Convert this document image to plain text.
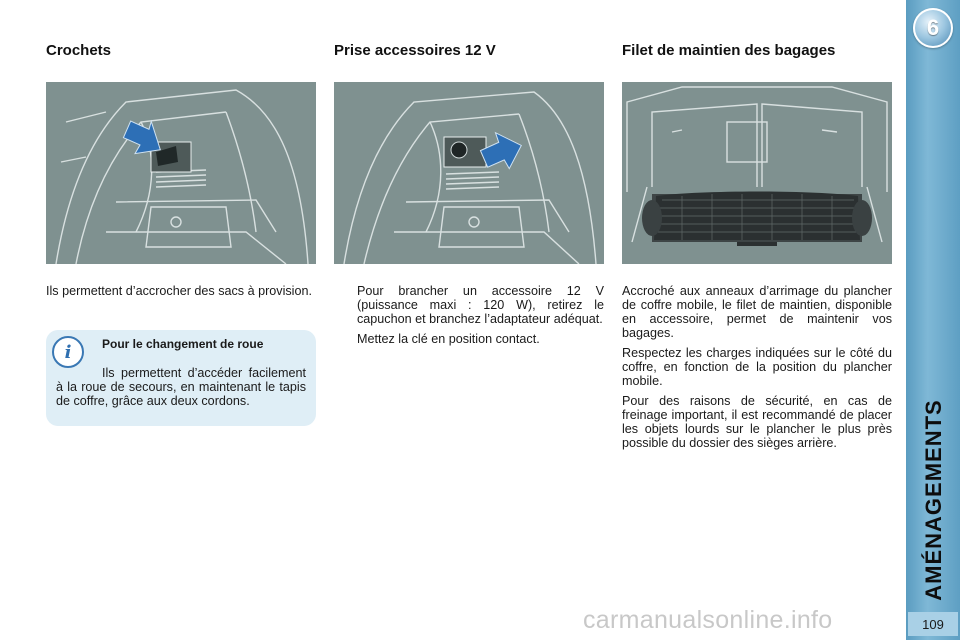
6
AMÉNAGEMENTS
109
Crochets	Prise accessoires 12 V	Filet de maintien des bagages
Ils permettent d’accrocher des sacs à provision.
i	Pour le changement de roue
Ils permettent d’accéder facilement à la roue de secours, en maintenant le tapis de coffre, grâce aux deux cordons.
Pour brancher un accessoire 12 V (puissance maxi : 120 W), retirez le capuchon et branchez l’adaptateur adéquat.
Mettez la clé en position contact.

Accroché aux anneaux d’arrimage du plancher de coffre mobile, le filet de maintien, disponible en accessoire, permet de maintenir vos bagages.

Respectez les charges indiquées sur le côté du coffre, en fonction de la position du plancher mobile.

Pour des raisons de sécurité, en cas de freinage important, il est recommandé de placer les objets lourds sur le plancher le plus près possible du dossier des sièges arrière.

carmanualsonline.info
